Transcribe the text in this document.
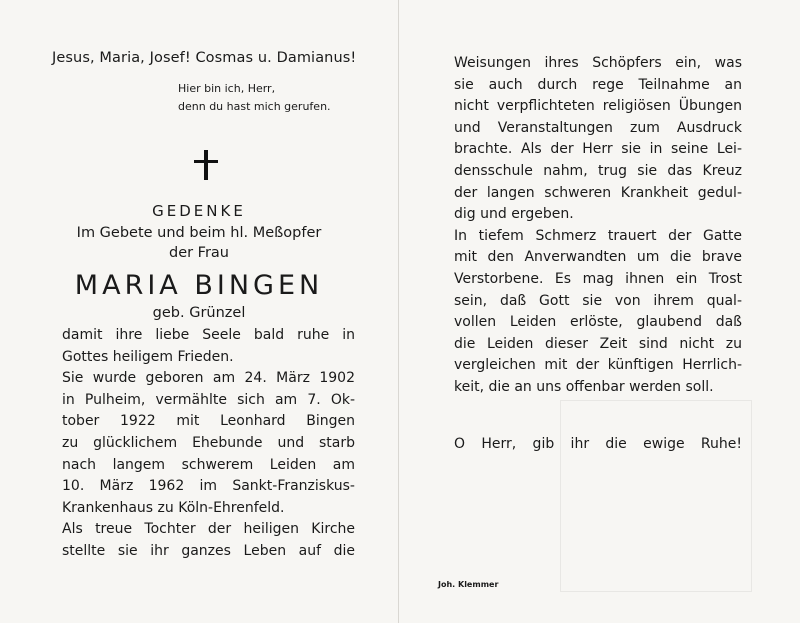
Jesus, Maria, Josef! Cosmas u. Damianus!
Hier bin ich, Herr,
denn du hast mich gerufen.
GEDENKE
Im Gebete und beim hl. Meßopfer
der Frau
MARIA BINGEN
geb. Grünzel
damit ihre liebe Seele bald ruhe in
Gottes heiligem Frieden.
Sie wurde geboren am 24. März 1902
in Pulheim, vermählte sich am 7. Ok-
tober 1922 mit Leonhard Bingen
zu glücklichem Ehebunde und starb
nach langem schwerem Leiden am
10. März 1962 im Sankt-Franziskus-
Krankenhaus zu Köln-Ehrenfeld.
Als treue Tochter der heiligen Kirche
stellte sie ihr ganzes Leben auf die
Weisungen ihres Schöpfers ein, was
sie auch durch rege Teilnahme an
nicht verpflichteten religiösen Übungen
und Veranstaltungen zum Ausdruck
brachte. Als der Herr sie in seine Lei-
densschule nahm, trug sie das Kreuz
der langen schweren Krankheit gedul-
dig und ergeben.
In tiefem Schmerz trauert der Gatte
mit den Anverwandten um die brave
Verstorbene. Es mag ihnen ein Trost
sein, daß Gott sie von ihrem qual-
vollen Leiden erlöste, glaubend daß
die Leiden dieser Zeit sind nicht zu
vergleichen mit der künftigen Herrlich-
keit, die an uns offenbar werden soll.
O Herr, gib ihr die ewige Ruhe!
Joh. Klemmer
